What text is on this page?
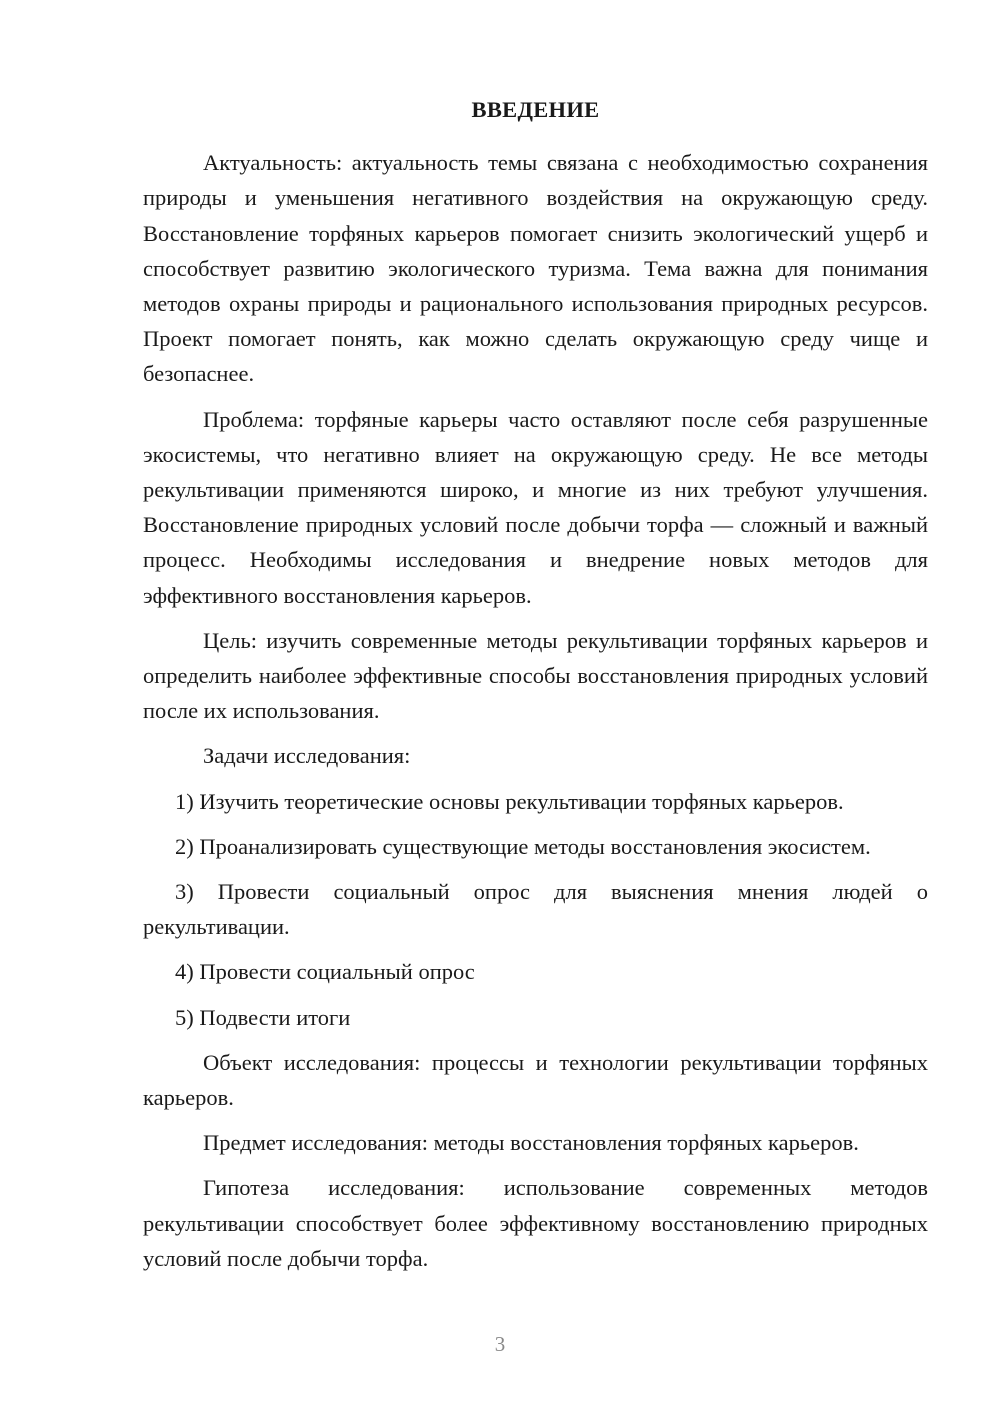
ВВЕДЕНИЕ

Актуальность: актуальность темы связана с необходимостью сохранения природы и уменьшения негативного воздействия на окружающую среду. Восстановление торфяных карьеров помогает снизить экологический ущерб и способствует развитию экологического туризма. Тема важна для понимания методов охраны природы и рационального использования природных ресурсов. Проект помогает понять, как можно сделать окружающую среду чище и безопаснее.

Проблема: торфяные карьеры часто оставляют после себя разрушенные экосистемы, что негативно влияет на окружающую среду. Не все методы рекультивации применяются широко, и многие из них требуют улучшения. Восстановление природных условий после добычи торфа — сложный и важный процесс. Необходимы исследования и внедрение новых методов для эффективного восстановления карьеров.

Цель: изучить современные методы рекультивации торфяных карьеров и определить наиболее эффективные способы восстановления природных условий после их использования.

Задачи исследования:

1) Изучить теоретические основы рекультивации торфяных карьеров.

2) Проанализировать существующие методы восстановления экосистем.

3) Провести социальный опрос для выяснения мнения людей о рекультивации.

4) Провести социальный опрос

5) Подвести итоги

Объект исследования: процессы и технологии рекультивации торфяных карьеров.

Предмет исследования: методы восстановления торфяных карьеров.

Гипотеза исследования: использование современных методов рекультивации способствует более эффективному восстановлению природных условий после добычи торфа.

3
